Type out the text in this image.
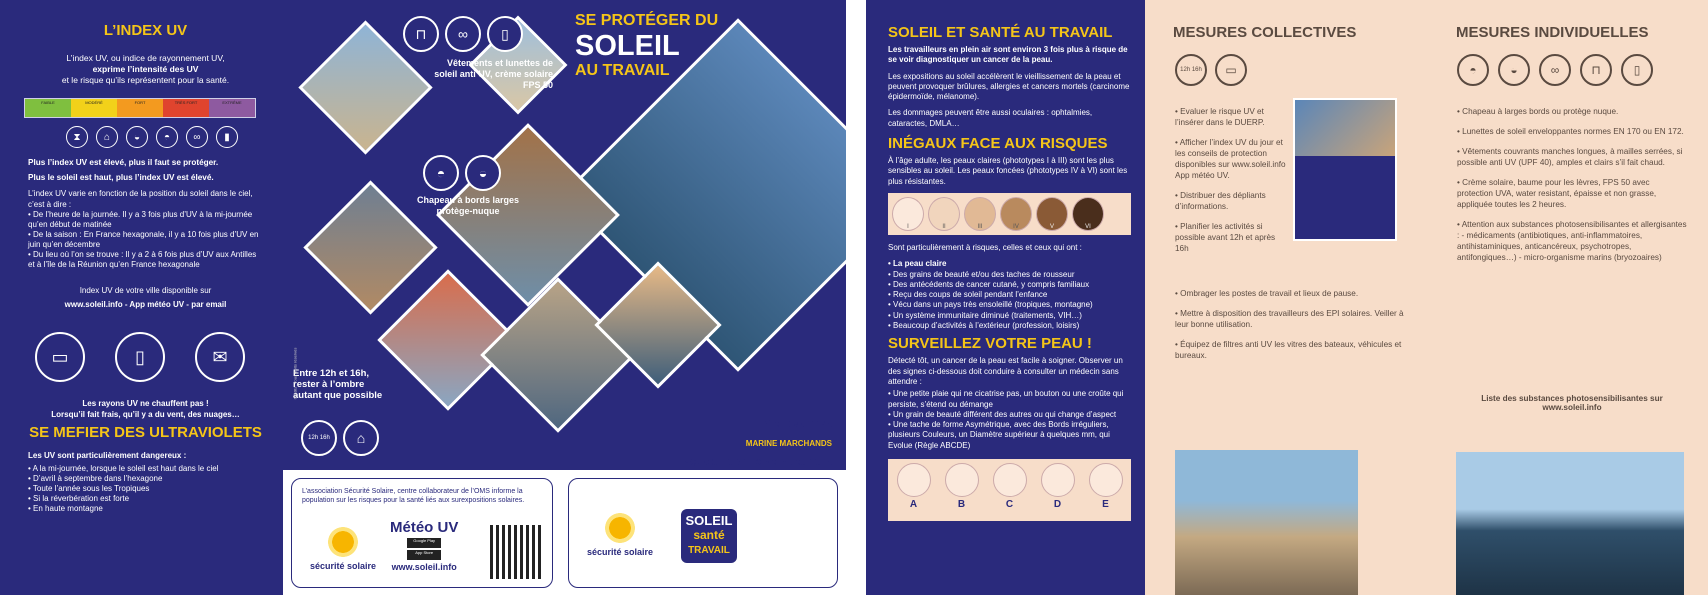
L’INDEX UV

L’index UV, ou indice de rayonnement UV,

exprime l’intensité des UV

et le risque qu’ils représentent pour la santé.

FAIBLE	MODÉRÉ	FORT	TRÈS FORT	EXTRÊME
⧗	⌂	◒	◓	∞	▮

Plus l’index UV est élevé, plus il faut se protéger.

Plus le soleil est haut, plus l’index UV est élevé.

L’index UV varie en fonction de la position du soleil dans le ciel, c’est à dire :

• De l’heure de la journée. Il y a 3 fois plus d’UV à la mi-journée qu’en début de matinée
• De la saison : En France hexagonale, il y a 10 fois plus d’UV en juin qu’en décembre
• Du lieu où l’on se trouve : Il y a 2 à 6 fois plus d’UV aux Antilles et à l’île de la Réunion qu’en France hexagonale

Index UV de votre ville disponible sur

www.soleil.info - App météo UV - par email

▭	▯	✉

Les rayons UV ne chauffent pas !

Lorsqu’il fait frais, qu’il y a du vent, des nuages…

SE MEFIER DES ULTRAVIOLETS

Les UV sont particulièrement dangereux :

• A la mi-journée, lorsque le soleil est haut dans le ciel
• D’avril à septembre dans l’hexagone
• Toute l’année sous les Tropiques
• Si la réverbération est forte
• En haute montagne
SE PROTÉGER DU
SOLEIL
AU TRAVAIL
⊓	∞	▯
Vêtements et lunettes de soleil anti UV, crème solaire FPS 50
◓	◒
Chapeau à bords larges protège-nuque
Entre 12h et 16h, rester à l’ombre autant que possible
12h 16h	⌂
Crédits : Tous droits réservés
PÊCHE MARITIME
MARINE MARCHANDS
AQUACULTURE - CONCHYLICULTURE

L’association Sécurité Solaire, centre collaborateur de l’OMS informe la population sur les risques pour la santé liés aux surexpositions solaires.

sécurité solaire
Météo UV
Google Play
App Store
www.soleil.info
sécurité solaire
SOLEIL
santé
TRAVAIL
SOLEIL ET SANTÉ AU TRAVAIL

Les travailleurs en plein air sont environ 3 fois plus à risque de se voir diagnostiquer un cancer de la peau.

Les expositions au soleil accélèrent le vieillissement de la peau et peuvent provoquer brûlures, allergies et cancers mortels (carcinome épidermoïde, mélanome).

Les dommages peuvent être aussi oculaires : ophtalmies, cataractes, DMLA…

INÉGAUX FACE AUX RISQUES

À l’âge adulte, les peaux claires (phototypes I à III) sont les plus sensibles au soleil. Les peaux foncées (phototypes IV à VI) sont les plus résistantes.

I	II	III	IV	V	VI

Sont particulièrement à risques, celles et ceux qui ont :

• La peau claire
• Des grains de beauté et/ou des taches de rousseur
• Des antécédents de cancer cutané, y compris familiaux
• Reçu des coups de soleil pendant l’enfance
• Vécu dans un pays très ensoleillé (tropiques, montagne)
• Un système immunitaire diminué (traitements, VIH…)
• Beaucoup d’activités à l’extérieur (profession, loisirs)
SURVEILLEZ VOTRE PEAU !

Détecté tôt, un cancer de la peau est facile à soigner. Observer un des signes ci-dessous doit conduire à consulter un médecin sans attendre :

• Une petite plaie qui ne cicatrise pas, un bouton ou une croûte qui persiste, s’étend ou démange
• Un grain de beauté différent des autres ou qui change d’aspect
• Une tache de forme Asymétrique, avec des Bords irréguliers, plusieurs Couleurs, un Diamètre supérieur à quelques mm, qui Evolue (Règle ABCDE)
A	B	C	D	E
MESURES COLLECTIVES
12h 16h	▭
• Evaluer le risque UV et l’insérer dans le DUERP.
• Afficher l’index UV du jour et les conseils de protection disponibles sur www.soleil.info App météo UV.
• Distribuer des dépliants d’informations.
• Planifier les activités si possible avant 12h et après 16h
• Ombrager les postes de travail et lieux de pause.
• Mettre à disposition des travailleurs des EPI solaires. Veiller à leur bonne utilisation.
• Équipez de filtres anti UV les vitres des bateaux, véhicules et bureaux.
MESURES INDIVIDUELLES
◓	◒	∞	⊓	▯
• Chapeau à larges bords ou protège nuque.
• Lunettes de soleil enveloppantes normes EN 170 ou EN 172.
• Vêtements couvrants manches longues, à mailles serrées, si possible anti UV (UPF 40), amples et clairs s’il fait chaud.
• Crème solaire, baume pour les lèvres, FPS 50 avec protection UVA, water resistant, épaisse et non grasse, appliquée toutes les 2 heures.
• Attention aux substances photosensibilisantes et allergisantes : - médicaments (antibiotiques, anti-inflammatoires, antihistaminiques, anticancéreux, psychotropes, antifongiques…) - micro-organisme marins (bryozoaires)

Liste des substances photosensibilisantes sur www.soleil.info
